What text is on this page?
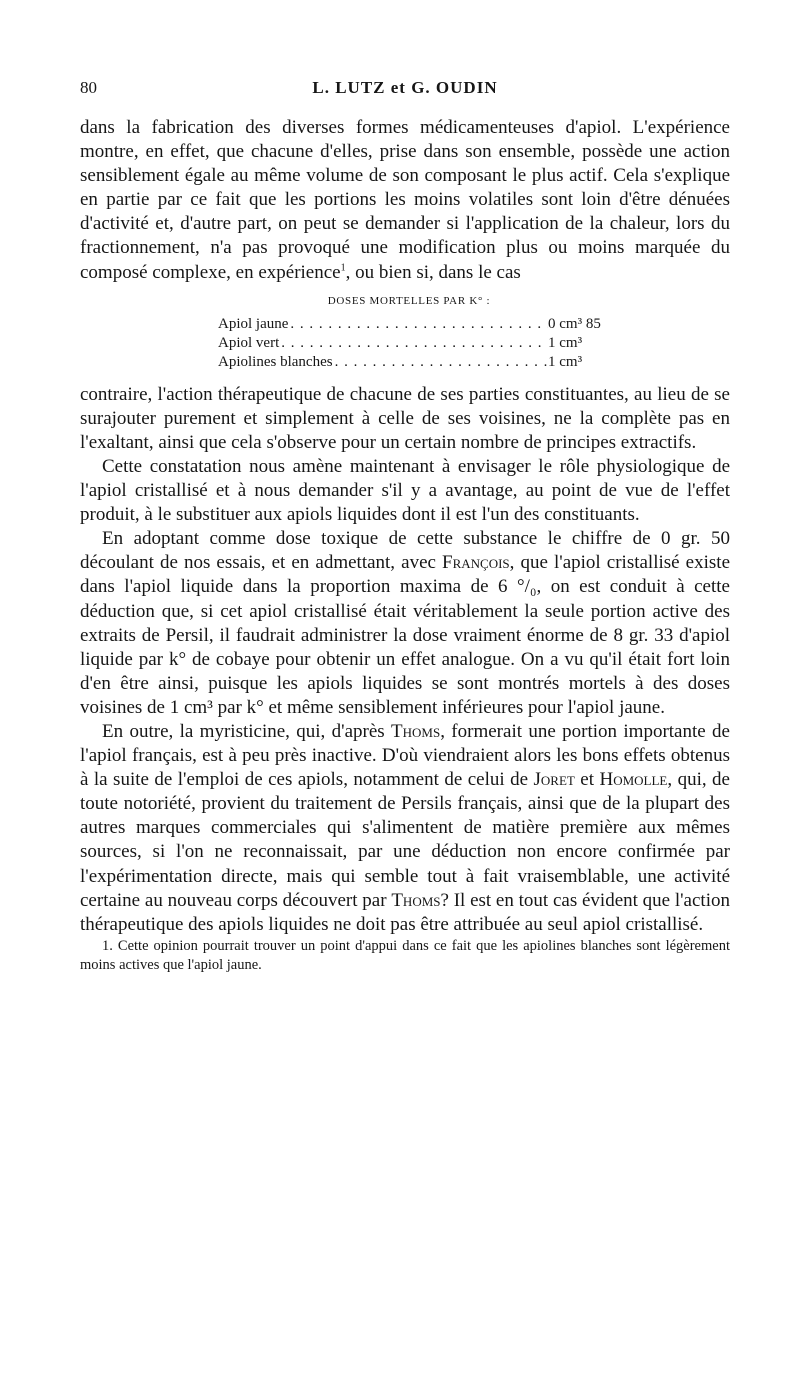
80	L. LUTZ et G. OUDIN

dans la fabrication des diverses formes médicamenteuses d'apiol. L'expérience montre, en effet, que chacune d'elles, prise dans son ensemble, possède une action sensiblement égale au même volume de son composant le plus actif. Cela s'explique en partie par ce fait que les portions les moins volatiles sont loin d'être dénuées d'activité et, d'autre part, on peut se demander si l'application de la chaleur, lors du fractionnement, n'a pas provoqué une modification plus ou moins marquée du composé complexe, en expérience$^1$, ou bien si, dans le cas

DOSES MORTELLES PAR K° :
Apiol jaune . . .	0 cm³ 85
Apiol vert . . .	1 cm³
Apiolines blanches . . .	1 cm³

contraire, l'action thérapeutique de chacune de ses parties constituantes, au lieu de se surajouter purement et simplement à celle de ses voisines, ne la complète pas en l'exaltant, ainsi que cela s'observe pour un certain nombre de principes extractifs.

Cette constatation nous amène maintenant à envisager le rôle physiologique de l'apiol cristallisé et à nous demander s'il y a avantage, au point de vue de l'effet produit, à le substituer aux apiols liquides dont il est l'un des constituants.

En adoptant comme dose toxique de cette substance le chiffre de 0 gr. 50 découlant de nos essais, et en admettant, avec François, que l'apiol cristallisé existe dans l'apiol liquide dans la proportion maxima de 6 °/₀, on est conduit à cette déduction que, si cet apiol cristallisé était véritablement la seule portion active des extraits de Persil, il faudrait administrer la dose vraiment énorme de 8 gr. 33 d'apiol liquide par k° de cobaye pour obtenir un effet analogue. On a vu qu'il était fort loin d'en être ainsi, puisque les apiols liquides se sont montrés mortels à des doses voisines de 1 cm³ par k° et même sensiblement inférieures pour l'apiol jaune.

En outre, la myristicine, qui, d'après Thoms, formerait une portion importante de l'apiol français, est à peu près inactive. D'où viendraient alors les bons effets obtenus à la suite de l'emploi de ces apiols, notamment de celui de Joret et Homolle, qui, de toute notoriété, provient du traitement de Persils français, ainsi que de la plupart des autres marques commerciales qui s'alimentent de matière première aux mêmes sources, si l'on ne reconnaissait, par une déduction non encore confirmée par l'expérimentation directe, mais qui semble tout à fait vraisemblable, une activité certaine au nouveau corps découvert par Thoms? Il est en tout cas évident que l'action thérapeutique des apiols liquides ne doit pas être attribuée au seul apiol cristallisé.

1. Cette opinion pourrait trouver un point d'appui dans ce fait que les apiolines blanches sont légèrement moins actives que l'apiol jaune.
